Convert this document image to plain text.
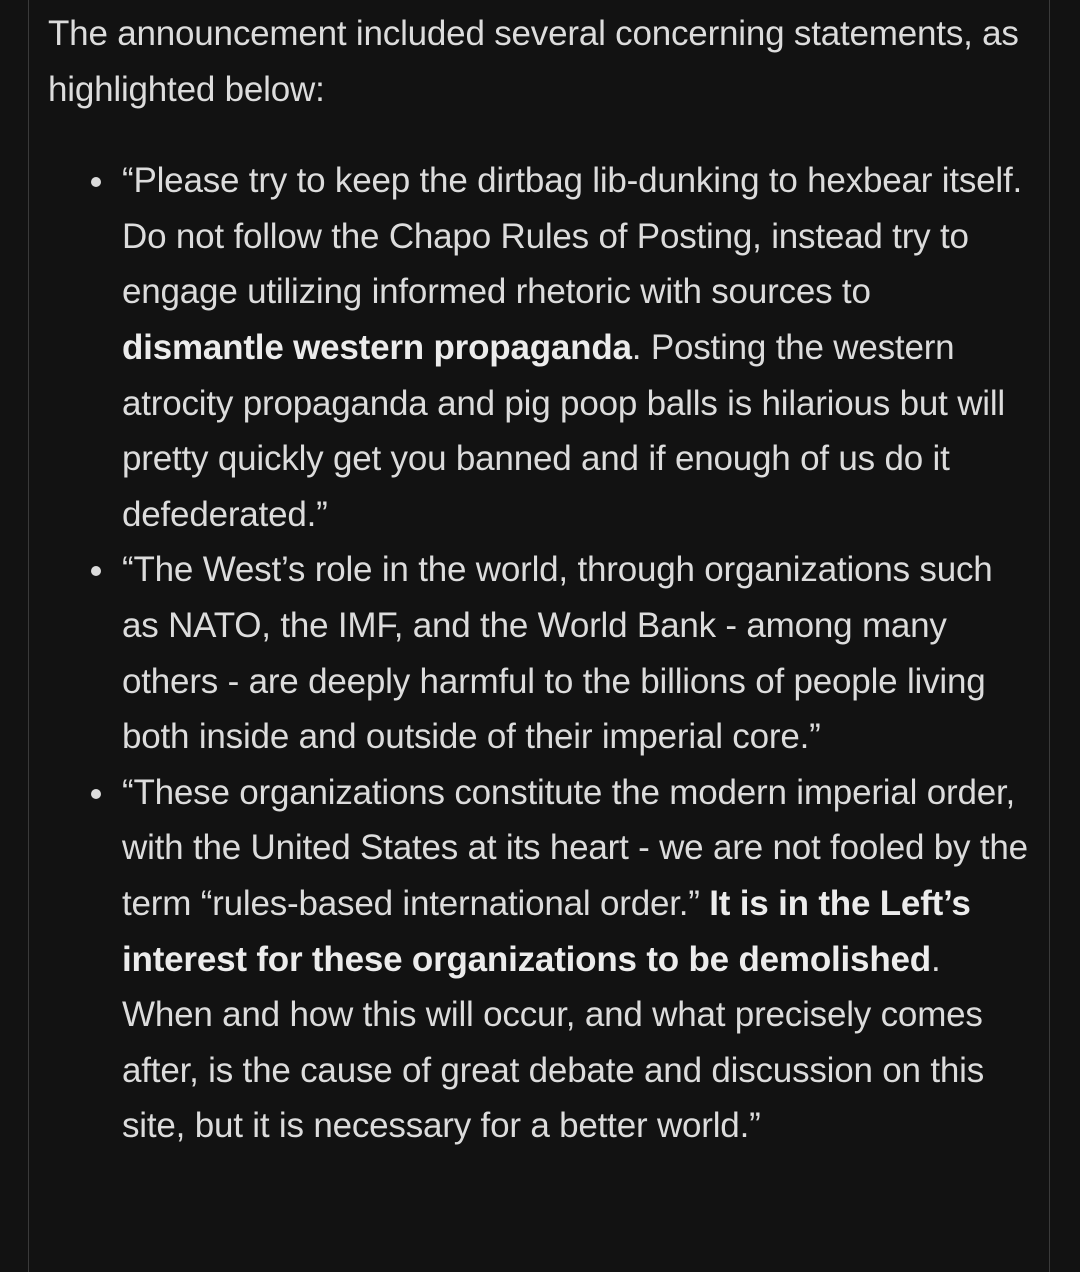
The announcement included several concerning statements, as highlighted below:

“Please try to keep the dirtbag lib-dunking to hexbear itself. Do not follow the Chapo Rules of Posting, instead try to engage utilizing informed rhetoric with sources to dismantle western propaganda. Posting the western atrocity propaganda and pig poop balls is hilarious but will pretty quickly get you banned and if enough of us do it defederated.”
“The West’s role in the world, through organizations such as NATO, the IMF, and the World Bank - among many others - are deeply harmful to the billions of people living both inside and outside of their imperial core.”
“These organizations constitute the modern imperial order, with the United States at its heart - we are not fooled by the term “rules-based international order.” It is in the Left’s interest for these organizations to be demolished. When and how this will occur, and what precisely comes after, is the cause of great debate and discussion on this site, but it is necessary for a better world.”
